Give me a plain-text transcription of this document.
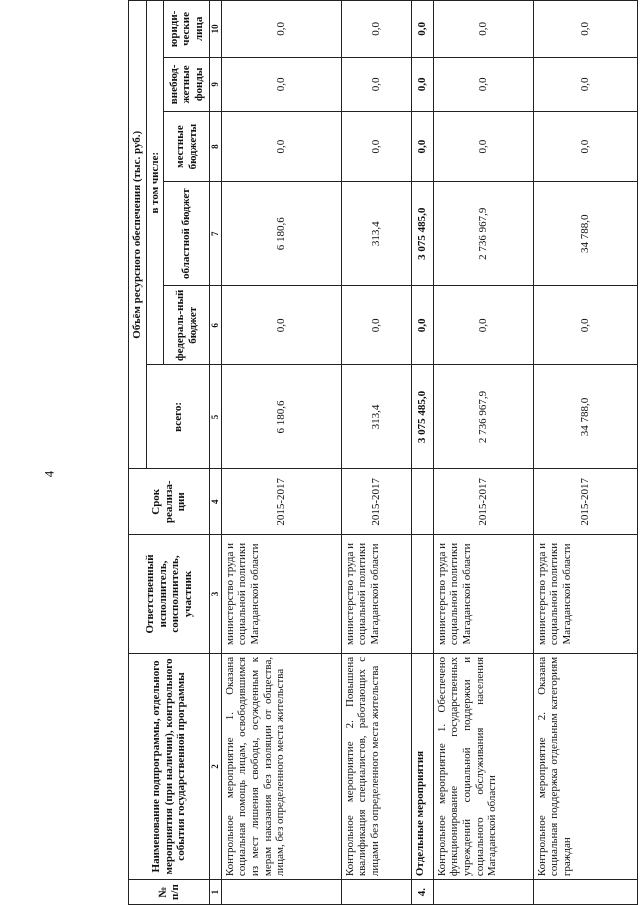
4
№ п/п	Наименование подпрограммы, отдельного мероприятия (при наличии), контрольного события государственной программы	Ответственный исполнитель, соисполнитель, участник	Срок реализа-ции	Объём ресурсного обеспечения (тыс. руб.)					
				всего:	в том числе:				
					федераль-ный бюджет	областной бюджет	местные бюджеты	внебюд-жетные фонды	юриди-ческие лица
1	2	3	4	5	6	7	8	9	10
	Контрольное мероприятие 1. Оказана социальная помощь лицам, освободившимся из мест лишения свободы, осужденным к мерам наказания без изоляции от общества, лицам, без определенного места жительства	министерство труда и социальной политики Магаданской области	2015-2017	6 180,6	0,0	6 180,6	0,0	0,0	0,0
	Контрольное мероприятие 2. Повышена квалификация специалистов, работающих с лицами без определенного места жительства	министерство труда и социальной политики Магаданской области	2015-2017	313,4	0,0	313,4	0,0	0,0	0,0
4.	Отдельные мероприятия			3 075 485,0	0,0	3 075 485,0	0,0	0,0	0,0
	Контрольное мероприятие 1. Обеспечено функционирование государственных учреждений социальной поддержки и социального обслуживания населения Магаданской области	министерство труда и социальной политики Магаданской области	2015-2017	2 736 967,9	0,0	2 736 967,9	0,0	0,0	0,0
	Контрольное мероприятие 2. Оказана социальная поддержка отдельным категориям граждан	министерство труда и социальной политики Магаданской области	2015-2017	34 788,0	0,0	34 788,0	0,0	0,0	0,0
